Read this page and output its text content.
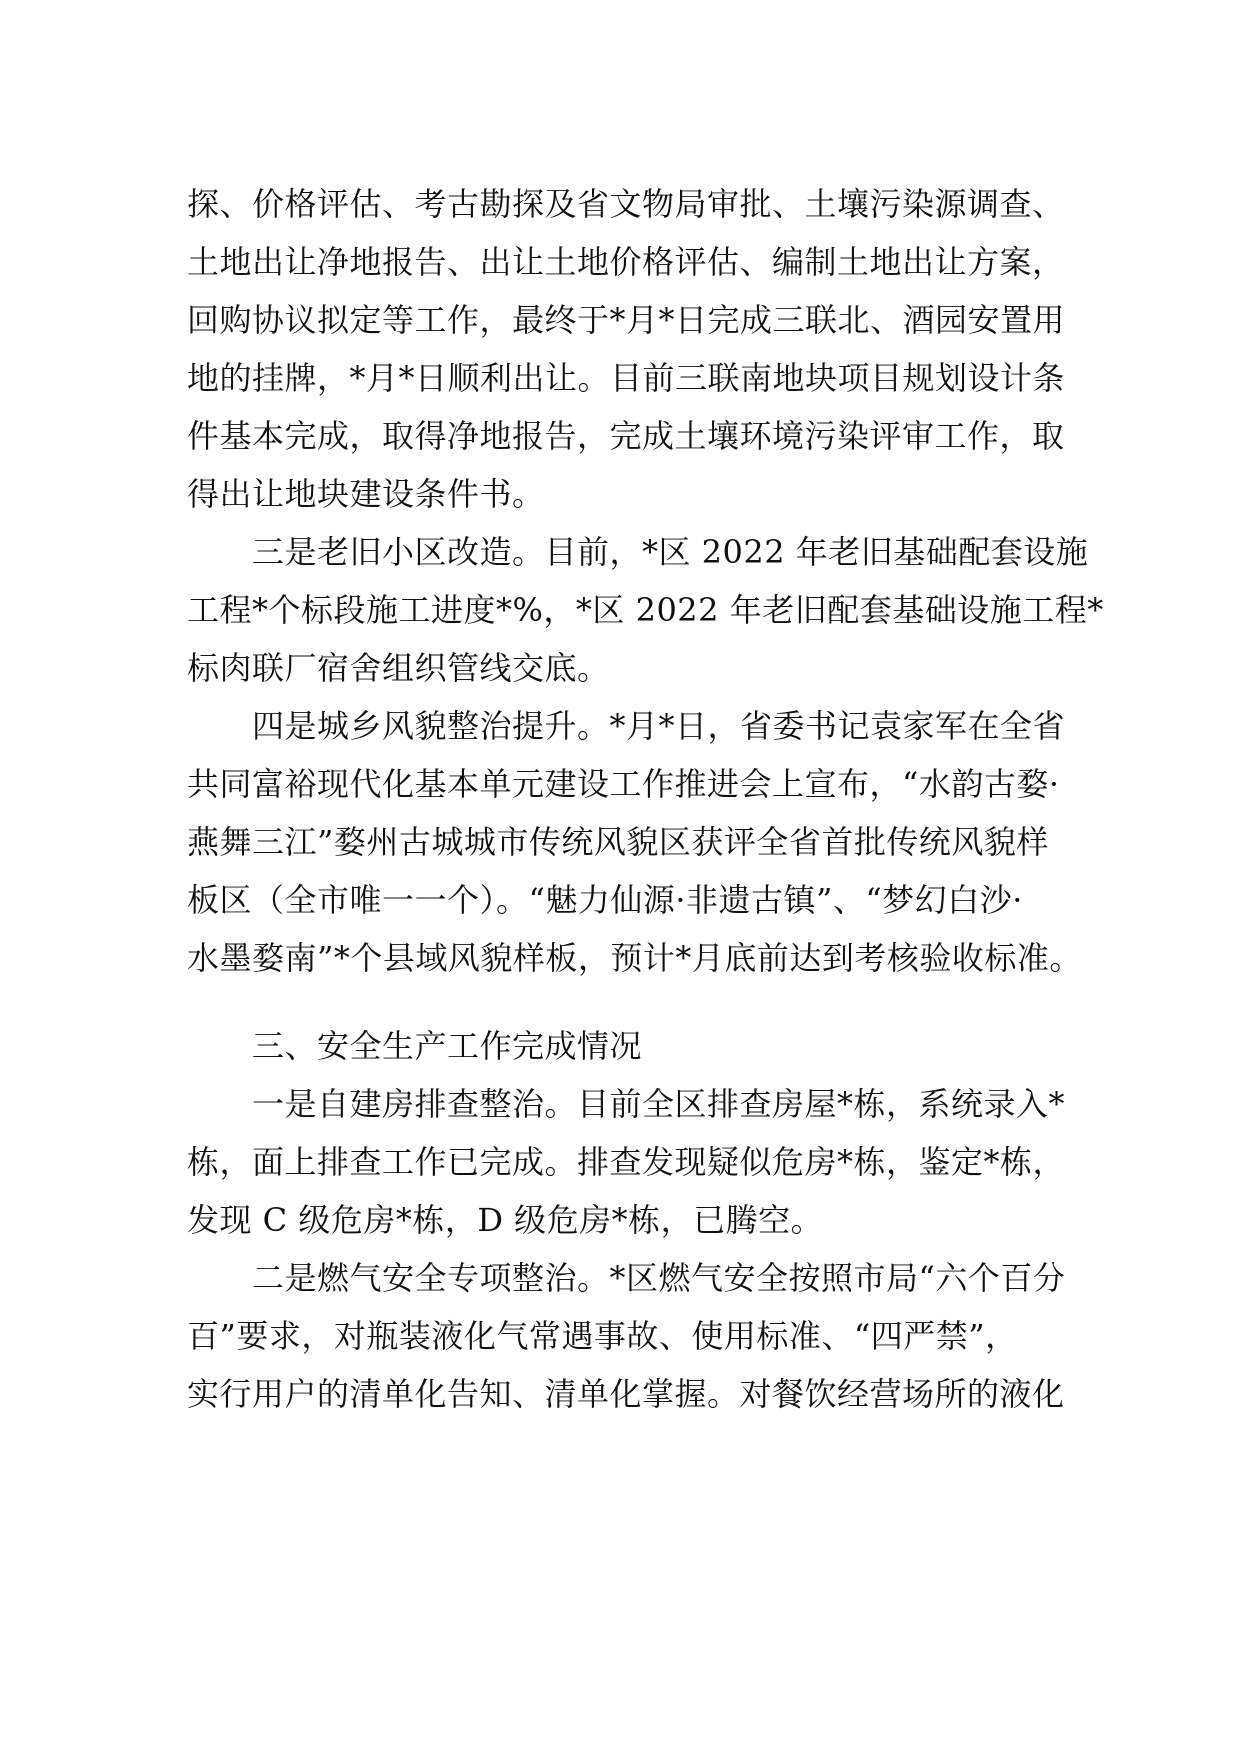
探、价格评估、考古勘探及省文物局审批、土壤污染源调查、
土地出让净地报告、出让土地价格评估、编制土地出让方案，
回购协议拟定等工作，最终于*月*日完成三联北、酒园安置用
地的挂牌，*月*日顺利出让。目前三联南地块项目规划设计条
件基本完成，取得净地报告，完成土壤环境污染评审工作，取
得出让地块建设条件书。
三是老旧小区改造。目前，*区 2022 年老旧基础配套设施
工程*个标段施工进度*%，*区 2022 年老旧配套基础设施工程*
标肉联厂宿舍组织管线交底。
四是城乡风貌整治提升。*月*日，省委书记袁家军在全省
共同富裕现代化基本单元建设工作推进会上宣布，“水韵古婺·
燕舞三江”婺州古城城市传统风貌区获评全省首批传统风貌样
板区（全市唯一一个）。“魅力仙源·非遗古镇”、“梦幻白沙·
水墨婺南”*个县域风貌样板，预计*月底前达到考核验收标准。
三、安全生产工作完成情况
一是自建房排查整治。目前全区排查房屋*栋，系统录入*
栋，面上排查工作已完成。排查发现疑似危房*栋，鉴定*栋，
发现 C 级危房*栋，D 级危房*栋，已腾空。
二是燃气安全专项整治。*区燃气安全按照市局“六个百分
百”要求，对瓶装液化气常遇事故、使用标准、“四严禁”，
实行用户的清单化告知、清单化掌握。对餐饮经营场所的液化
